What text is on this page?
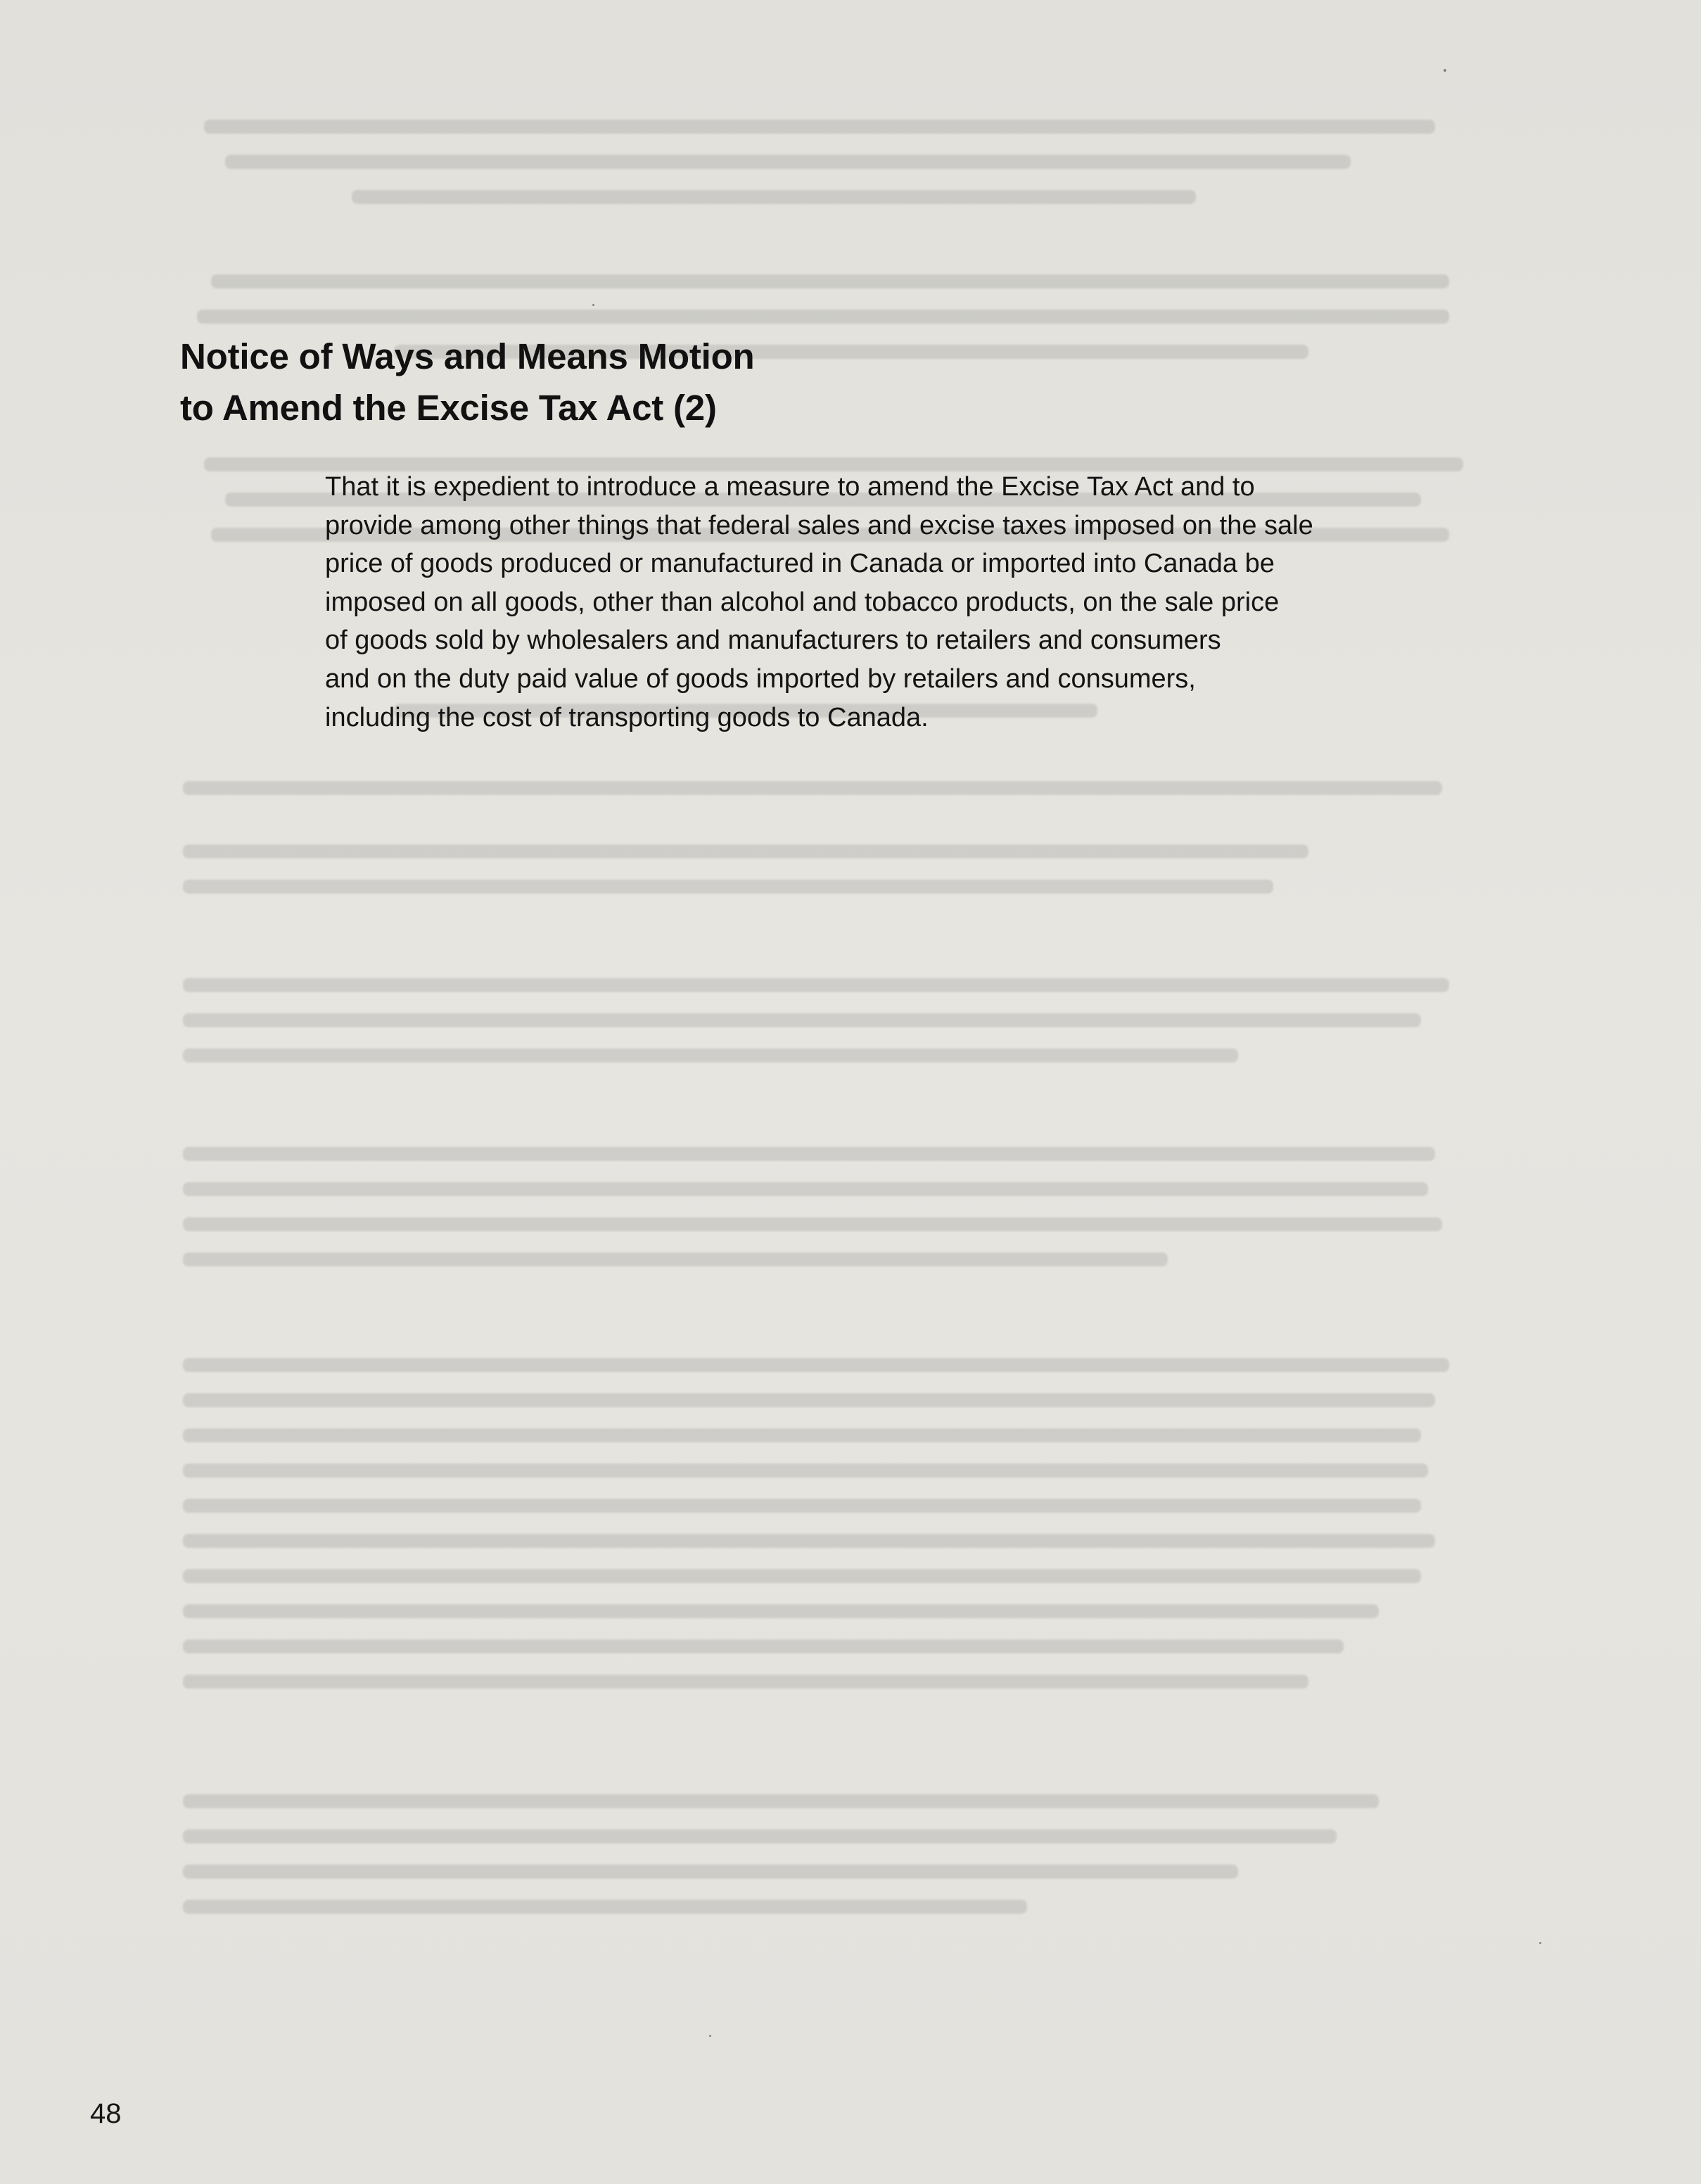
Notice of Ways and Means Motion
to Amend the Excise Tax Act (2)

That it is expedient to introduce a measure to amend the Excise Tax Act and to
provide among other things that federal sales and excise taxes imposed on the sale
price of goods produced or manufactured in Canada or imported into Canada be
imposed on all goods, other than alcohol and tobacco products, on the sale price
of goods sold by wholesalers and manufacturers to retailers and consumers
and on the duty paid value of goods imported by retailers and consumers,
including the cost of transporting goods to Canada.

48
